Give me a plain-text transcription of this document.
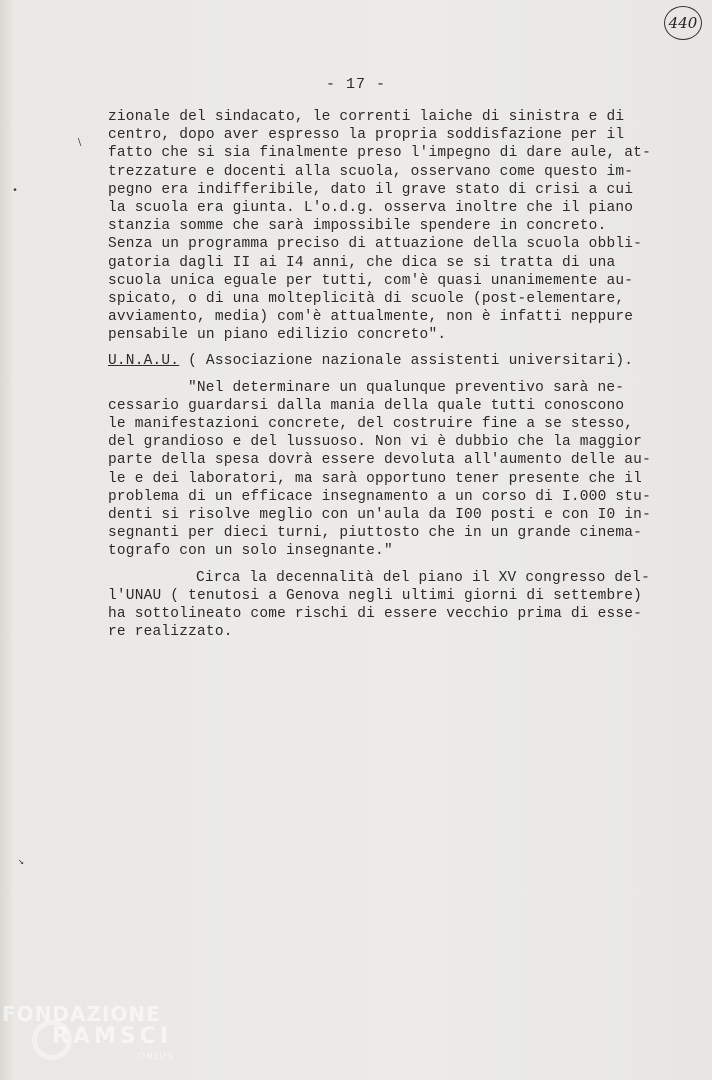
440
- 17 -
zionale del sindacato, le correnti laiche di sinistra e di
centro, dopo aver espresso la propria soddisfazione per il
fatto che si sia finalmente preso l'impegno di dare aule, at-
trezzature e docenti alla scuola, osservano come questo im-
pegno era indifferibile, dato il grave stato di crisi a cui
la scuola era giunta. L'o.d.g. osserva inoltre che il piano
stanzia somme che sarà impossibile spendere in concreto.
Senza un programma preciso di attuazione della scuola obbli-
gatoria dagli II ai I4 anni, che dica se si tratta di una
scuola unica eguale per tutti, com'è quasi unanimemente au-
spicato, o di una molteplicità di scuole (post-elementare,
avviamento, media) com'è attualmente, non è infatti neppure
pensabile un piano edilizio concreto".
U.N.A.U. ( Associazione nazionale assistenti universitari).
"Nel determinare un qualunque preventivo sarà ne-
cessario guardarsi dalla mania della quale tutti conoscono
le manifestazioni concrete, del costruire fine a se stesso,
del grandioso e del lussuoso. Non vi è dubbio che la maggior
parte della spesa dovrà essere devoluta all'aumento delle au-
le e dei laboratori, ma sarà opportuno tener presente che il
problema di un efficace insegnamento a un corso di I.000 stu-
denti si risolve meglio con un'aula da I00 posti e con I0 in-
segnanti per dieci turni, piuttosto che in un grande cinema-
tografo con un solo insegnante."
Circa la decennalità del piano il XV congresso del-
l'UNAU ( tenutosi a Genova negli ultimi giorni di settembre)
ha sottolineato come rischi di essere vecchio prima di esse-
re realizzato.
∖
•
↘
FONDAZIONE
RAMSCI
ONLUS
